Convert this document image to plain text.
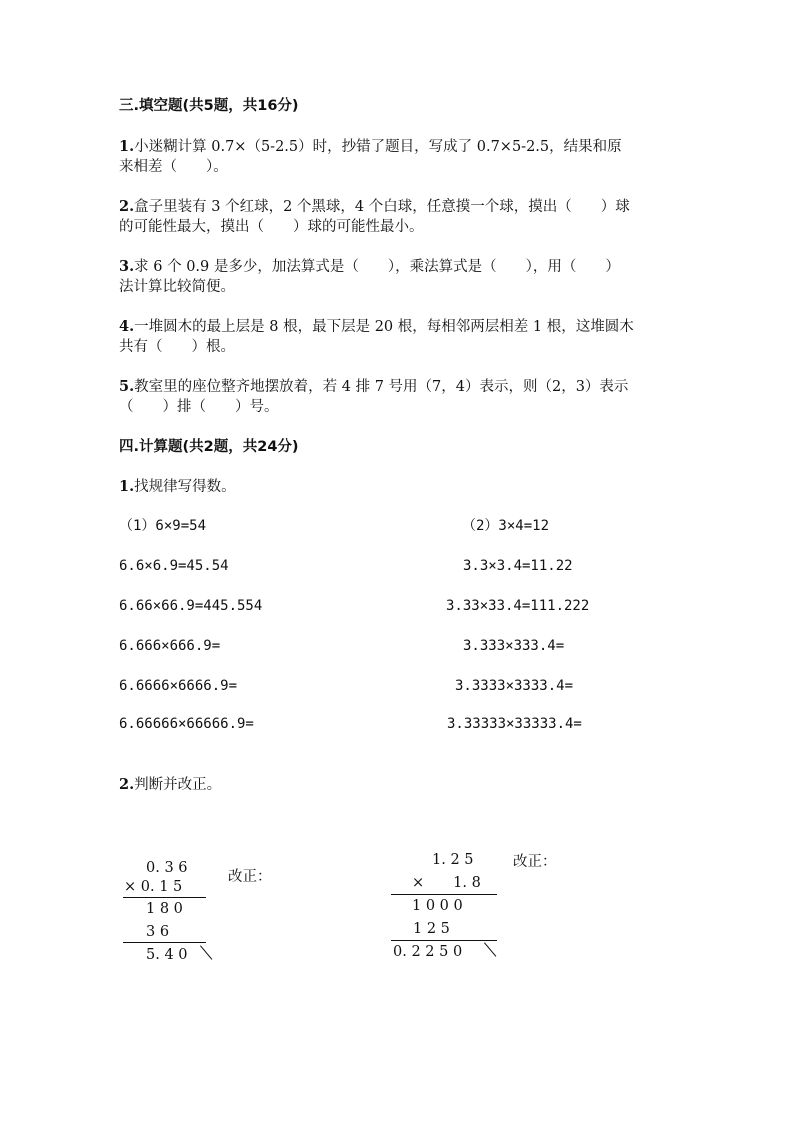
三.填空题(共5题，共16分)
1.小迷糊计算 0.7×（5-2.5）时，抄错了题目，写成了 0.7×5-2.5，结果和原
来相差（　　）。
2.盒子里装有 3 个红球，2 个黑球，4 个白球，任意摸一个球，摸出（　　）球
的可能性最大，摸出（　　）球的可能性最小。
3.求 6 个 0.9 是多少，加法算式是（　　），乘法算式是（　　），用（　　）
法计算比较简便。
4.一堆圆木的最上层是 8 根，最下层是 20 根，每相邻两层相差 1 根，这堆圆木
共有（　　）根。
5.教室里的座位整齐地摆放着，若 4 排 7 号用（7，4）表示，则（2，3）表示
（　　）排（　　）号。
四.计算题(共2题，共24分)
1.找规律写得数。
（1）6×9=54	（2）3×4=12
6.6×6.9=45.54	3.3×3.4=11.22
6.66×66.9=445.554	3.33×33.4=111.222
6.666×666.9=	3.333×333.4=
6.6666×6666.9=	3.3333×3333.4=
6.66666×66666.9=	3.33333×33333.4=
2.判断并改正。
0. 3 6
× 0. 1 5
1 8 0
3 6
5. 4 0
改正：
1. 2 5
×　　1. 8
1 0 0 0
1 2 5
0. 2 2 5 0
改正：
